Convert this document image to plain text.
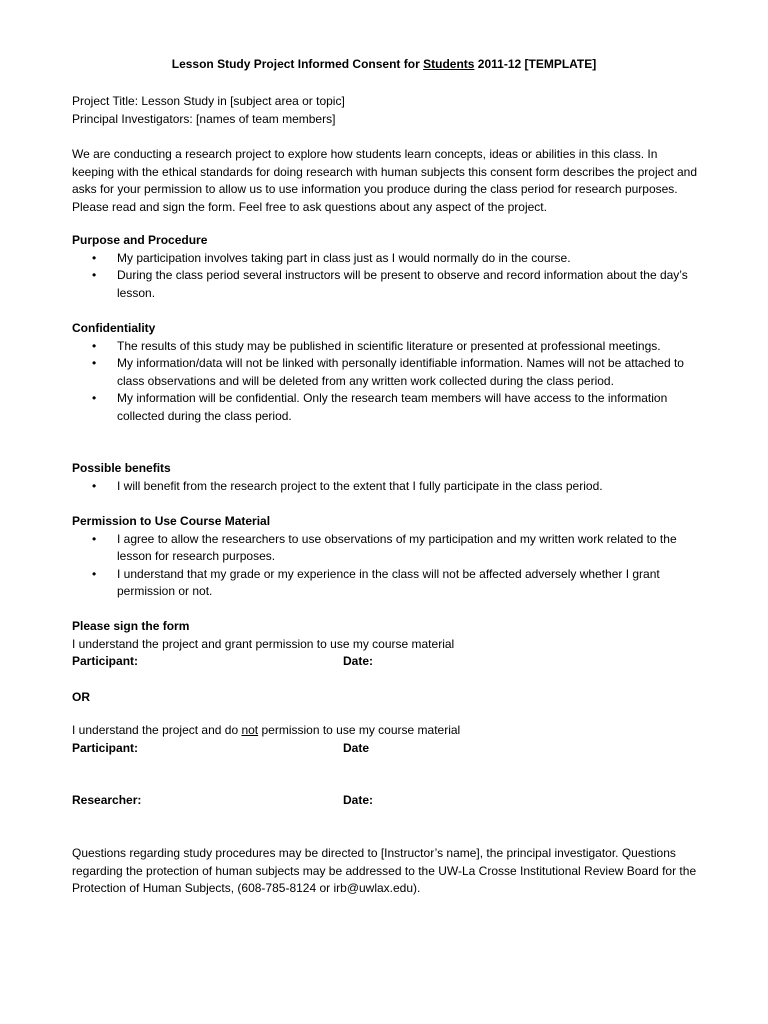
Lesson Study Project Informed Consent for Students 2011-12 [TEMPLATE]

Project Title: Lesson Study in [subject area or topic]

Principal Investigators: [names of team members]

We are conducting a research project to explore how students learn concepts, ideas or abilities in this class. In keeping with the ethical standards for doing research with human subjects this consent form describes the project and asks for your permission to allow us to use information you produce during the class period for research purposes. Please read and sign the form. Feel free to ask questions about any aspect of the project.

Purpose and Procedure

• My participation involves taking part in class just as I would normally do in the course.
• During the class period several instructors will be present to observe and record information about the day’s lesson.

Confidentiality

• The results of this study may be published in scientific literature or presented at professional meetings.
• My information/data will not be linked with personally identifiable information. Names will not be attached to class observations and will be deleted from any written work collected during the class period.
• My information will be confidential. Only the research team members will have access to the information collected during the class period.

Possible benefits

• I will benefit from the research project to the extent that I fully participate in the class period.

Permission to Use Course Material

• I agree to allow the researchers to use observations of my participation and my written work related to the lesson for research purposes.
• I understand that my grade or my experience in the class will not be affected adversely whether I grant permission or not.

Please sign the form

I understand the project and grant permission to use my course material

Participant:	Date:
OR

I understand the project and do not permission to use my course material

Participant:	Date
Researcher:	Date:

Questions regarding study procedures may be directed to [Instructor’s name], the principal investigator. Questions regarding the protection of human subjects may be addressed to the UW-La Crosse Institutional Review Board for the Protection of Human Subjects, (608-785-8124 or irb@uwlax.edu).
